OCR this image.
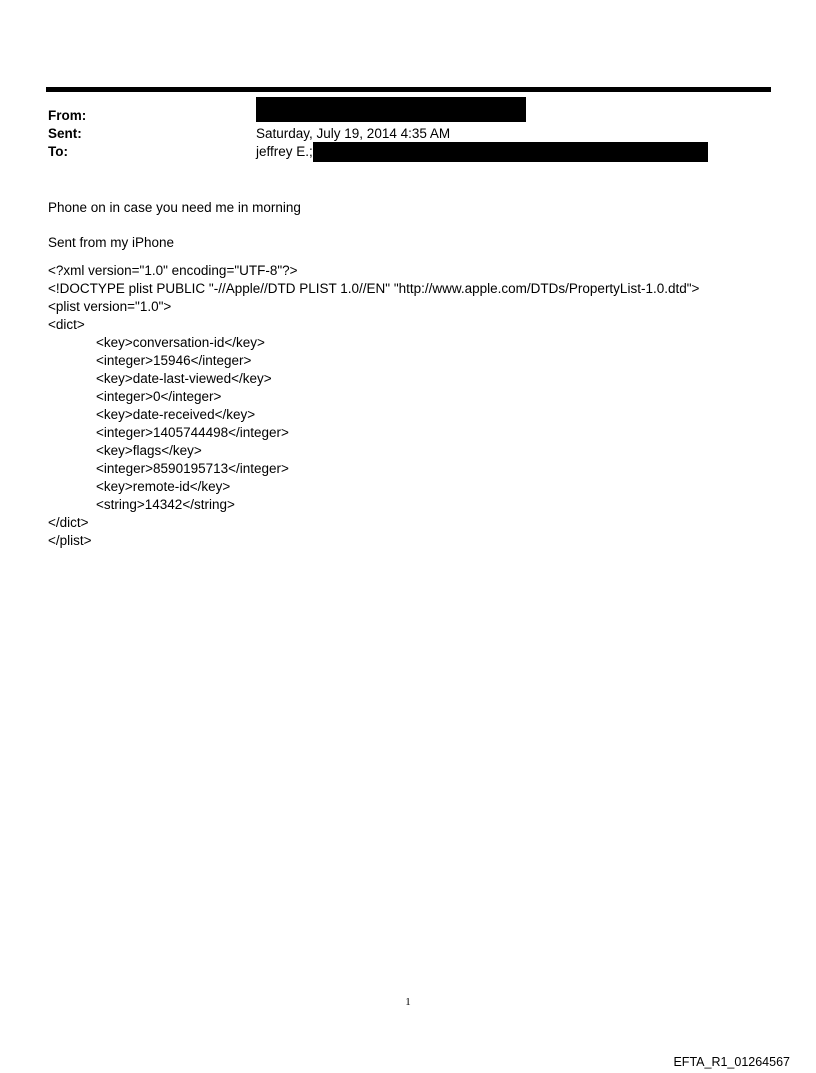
From:
Sent:	Saturday, July 19, 2014 4:35 AM
To:	jeffrey E.;
Phone on in case you need me in morning
Sent from my iPhone
<?xml version="1.0" encoding="UTF-8"?>
<!DOCTYPE plist PUBLIC "-//Apple//DTD PLIST 1.0//EN" "http://www.apple.com/DTDs/PropertyList-1.0.dtd">
<plist version="1.0">
<dict>
<key>conversation-id</key>
<integer>15946</integer>
<key>date-last-viewed</key>
<integer>0</integer>
<key>date-received</key>
<integer>1405744498</integer>
<key>flags</key>
<integer>8590195713</integer>
<key>remote-id</key>
<string>14342</string>
</dict>
</plist>
1
EFTA_R1_01264567
